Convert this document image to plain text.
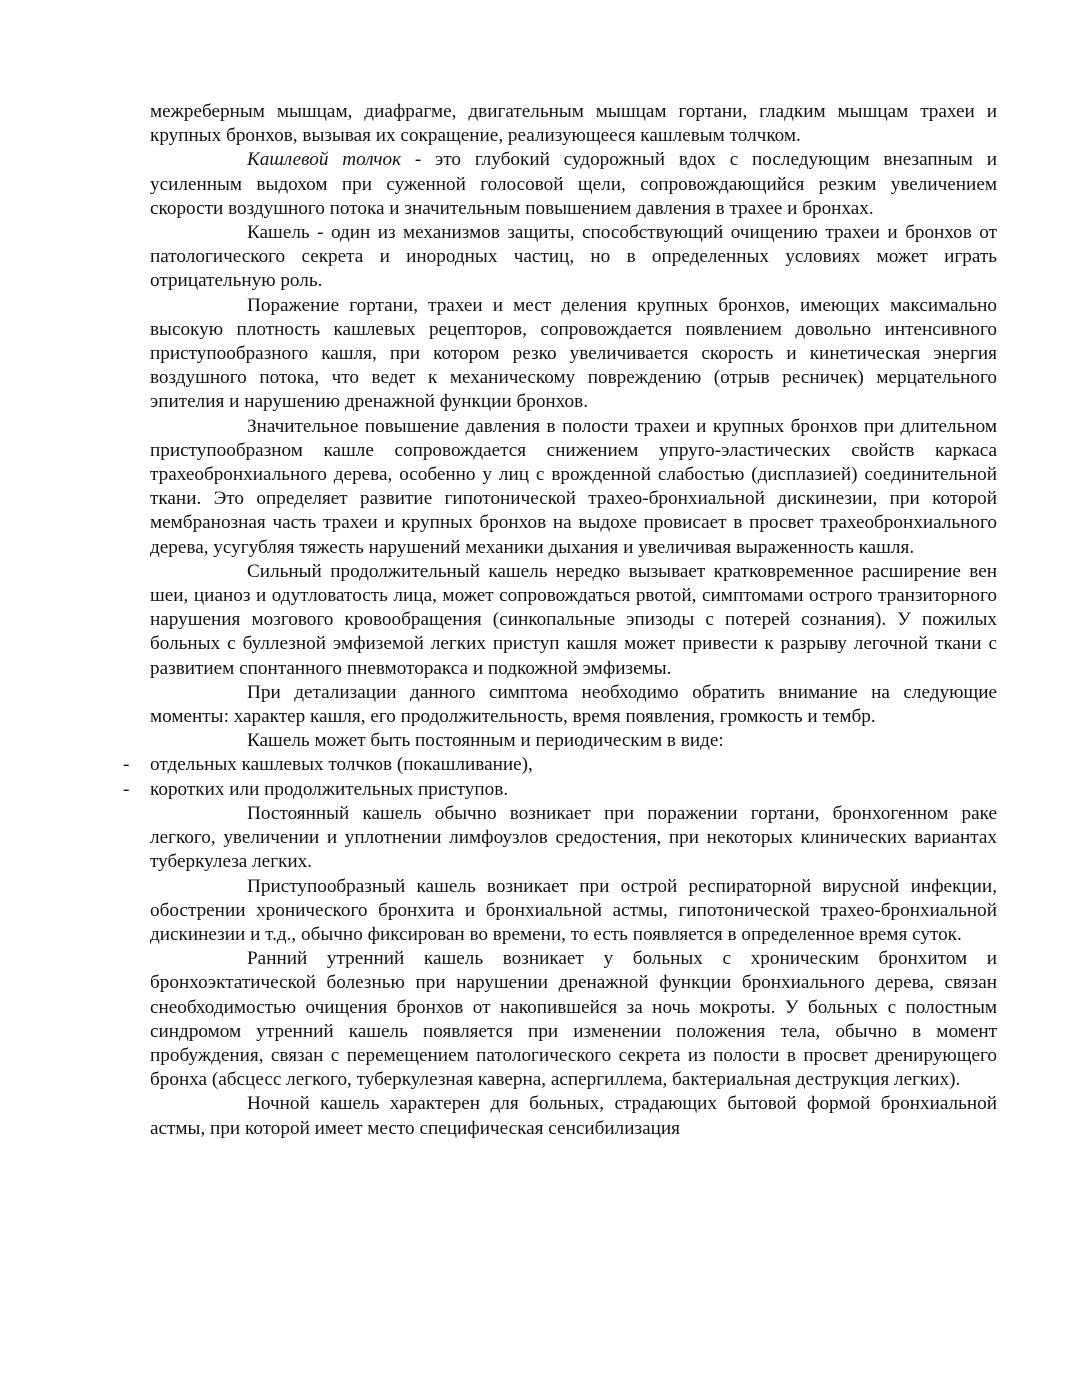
межреберным мышцам, диафрагме, двигательным мышцам гортани, гладким мышцам трахеи и крупных бронхов, вызывая их сокращение, реализующееся кашлевым толчком.

Кашлевой толчок - это глубокий судорожный вдох с последующим внезапным и усиленным выдохом при суженной голосовой щели, сопровождающийся резким увеличением скорости воздушного потока и значительным повышением давления в трахее и бронхах.

Кашель - один из механизмов защиты, способствующий очищению трахеи и бронхов от патологического секрета и инородных частиц, но в определенных условиях может играть отрицательную роль.

Поражение гортани, трахеи и мест деления крупных бронхов, имеющих максимально высокую плотность кашлевых рецепторов, сопровождается появлением довольно интенсивного приступообразного кашля, при котором резко увеличивается скорость и кинетическая энергия воздушного потока, что ведет к механическому повреждению (отрыв ресничек) мерцательного эпителия и нарушению дренажной функции бронхов.

Значительное повышение давления в полости трахеи и крупных бронхов при длительном приступообразном кашле сопровождается снижением упруго-эластических свойств каркаса трахеобронхиального дерева, особенно у лиц с врожденной слабостью (дисплазией) соединительной ткани. Это определяет развитие гипотонической трахео-бронхиальной дискинезии, при которой мембранозная часть трахеи и крупных бронхов на выдохе провисает в просвет трахеобронхиального дерева, усугубляя тяжесть нарушений механики дыхания и увеличивая выраженность кашля.

Сильный продолжительный кашель нередко вызывает кратковременное расширение вен шеи, цианоз и одутловатость лица, может сопровождаться рвотой, симптомами острого транзиторного нарушения мозгового кровообращения (синкопальные эпизоды с потерей сознания). У пожилых больных с буллезной эмфиземой легких приступ кашля может привести к разрыву легочной ткани с развитием спонтанного пневмоторакса и подкожной эмфиземы.

При детализации данного симптома необходимо обратить внимание на следующие моменты: характер кашля, его продолжительность, время появления, громкость и тембр.

Кашель может быть постоянным и периодическим в виде:

- отдельных кашлевых толчков (покашливание),
- коротких или продолжительных приступов.

Постоянный кашель обычно возникает при поражении гортани, бронхогенном раке легкого, увеличении и уплотнении лимфоузлов средостения, при некоторых клинических вариантах туберкулеза легких.

Приступообразный кашель возникает при острой респираторной вирусной инфекции, обострении хронического бронхита и бронхиальной астмы, гипотонической трахео-бронхиальной дискинезии и т.д., обычно фиксирован во времени, то есть появляется в определенное время суток.

Ранний утренний кашель возникает у больных с хроническим бронхитом и бронхоэктатической болезнью при нарушении дренажной функции бронхиального дерева, связан снеобходимостью очищения бронхов от накопившейся за ночь мокроты. У больных с полостным синдромом утренний кашель появляется при изменении положения тела, обычно в момент пробуждения, связан с перемещением патологического секрета из полости в просвет дренирующего бронха (абсцесс легкого, туберкулезная каверна, аспергиллема, бактериальная деструкция легких).

Ночной кашель характерен для больных, страдающих бытовой формой бронхиальной астмы, при которой имеет место специфическая сенсибилизация
